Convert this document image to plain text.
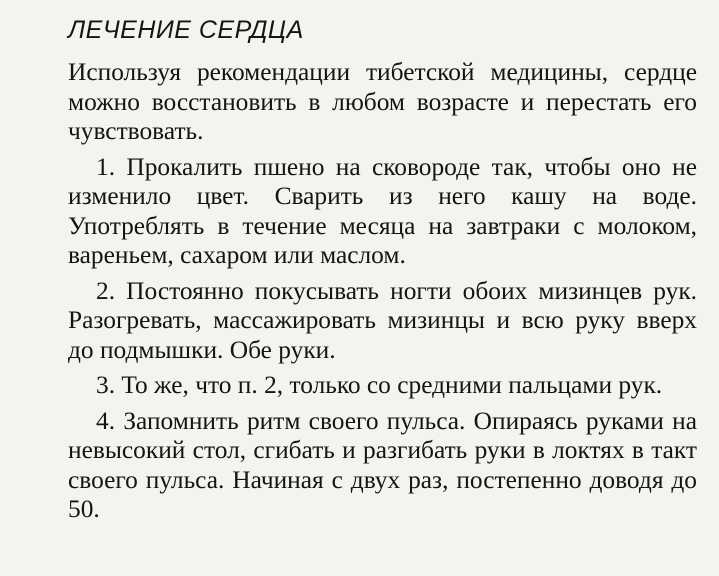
ЛЕЧЕНИЕ СЕРДЦА

Используя рекомендации тибетской медицины, сердце можно восстановить в любом возрасте и перестать его чувствовать.

1. Прокалить пшено на сковороде так, чтобы оно не изменило цвет. Сварить из него кашу на воде. Употреблять в течение месяца на завтраки с молоком, вареньем, сахаром или маслом.

2. Постоянно покусывать ногти обоих мизинцев рук. Разогревать, массажировать мизинцы и всю руку вверх до подмышки. Обе руки.

3. То же, что п. 2, только со средними пальцами рук.

4. Запомнить ритм своего пульса. Опираясь руками на невысокий стол, сгибать и разгибать руки в локтях в такт своего пульса. Начиная с двух раз, постепенно доводя до 50.
